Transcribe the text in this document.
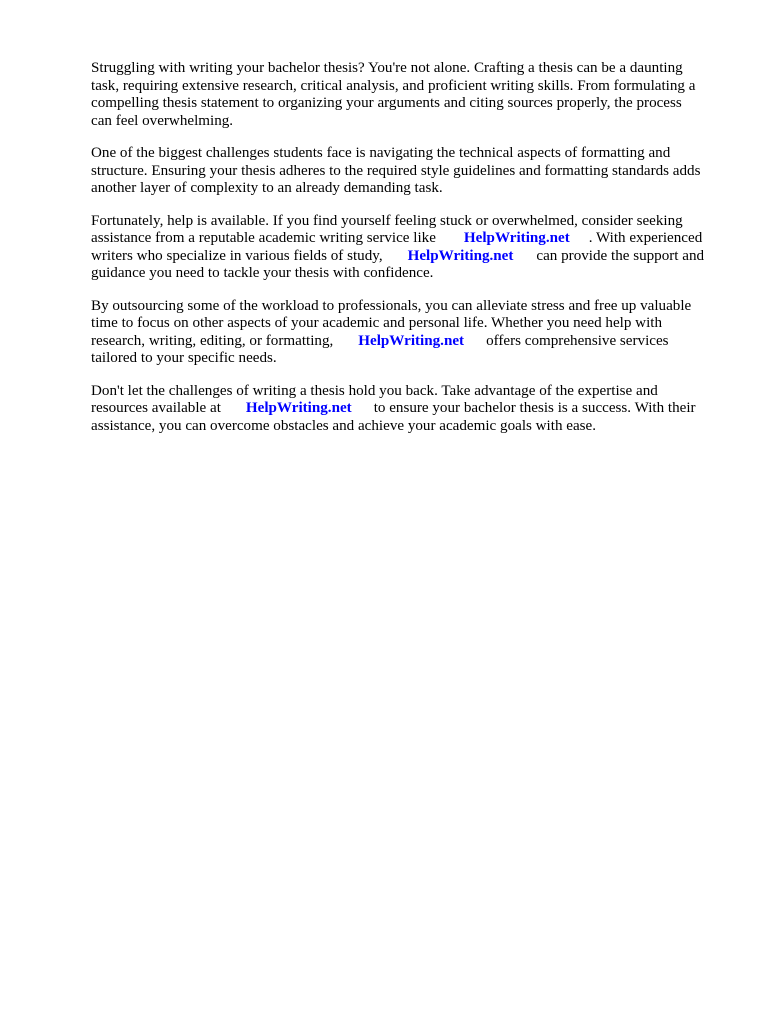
Struggling with writing your bachelor thesis? You're not alone. Crafting a thesis can be a daunting
task, requiring extensive research, critical analysis, and proficient writing skills. From formulating a
compelling thesis statement to organizing your arguments and citing sources properly, the process
can feel overwhelming.
One of the biggest challenges students face is navigating the technical aspects of formatting and
structure. Ensuring your thesis adheres to the required style guidelines and formatting standards adds
another layer of complexity to an already demanding task.
Fortunately, help is available. If you find yourself feeling stuck or overwhelmed, consider seeking
assistance from a reputable academic writing service like HelpWriting.net . With experienced
writers who specialize in various fields of study, HelpWriting.net can provide the support and
guidance you need to tackle your thesis with confidence.
By outsourcing some of the workload to professionals, you can alleviate stress and free up valuable
time to focus on other aspects of your academic and personal life. Whether you need help with
research, writing, editing, or formatting, HelpWriting.net offers comprehensive services
tailored to your specific needs.
Don't let the challenges of writing a thesis hold you back. Take advantage of the expertise and
resources available at HelpWriting.net to ensure your bachelor thesis is a success. With their
assistance, you can overcome obstacles and achieve your academic goals with ease.
